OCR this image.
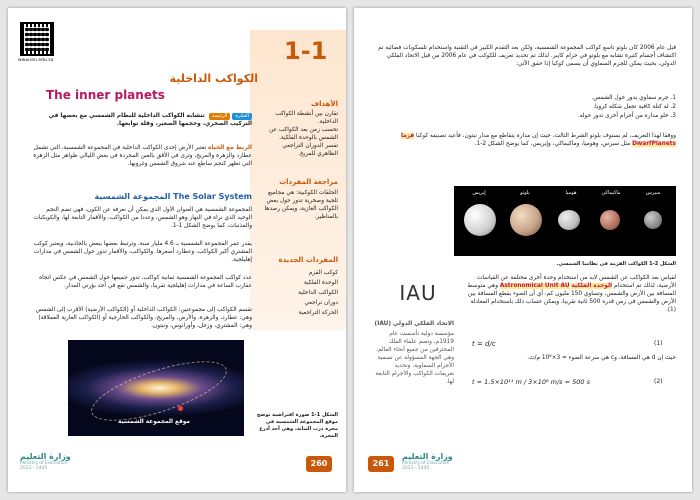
www.ien.edu.sa	1-1
الكواكب الداخلية
The inner planets
الفكرةالرئيسة تتشابه الكواكب الداخلية للنظام الشمسي مع بعضها في التركيب الصخري، وحجمها الصغير، وقلة توابعها.
الربط مع الحياة تعتبر الأرض إحدى الكواكب الداخلية في المجموعة الشمسية، التي تشمل عطارد والزهرة والمريخ، وترى في الأفق بالعين المجردة في بعض الليالي ظواهر مثل الزهرة التي تظهر كنجم ساطع عند شروق الشمس وغروبها.
The Solar System المجموعة الشمسية
المجموعة الشمسية هي العنوان الأول الذي يمكن أن نعرفه عن الكون، فهي تضم النجم الوحيد الذي نراه في النهار وهو الشمس، وعددا من الكواكب، والأقمار التابعة لها، والكويكبات والمذنبات، كما يوضح الشكل 1-1.
يقدر عمر المجموعة الشمسية بـ 4.6 مليار سنة، وترتبط بعضها ببعض بالجاذبية، ويعتبر كوكب المشتري أكبر الكواكب، وعطارد أصغرها. والكواكب، والأقمار تدور حول الشمس في مدارات إهليلجية.
عدد كواكب المجموعة الشمسية ثمانية كواكب، تدور جميعها حول الشمس في عكس اتجاه عقارب الساعة في مدارات إهليلجية تقريبا، والشمس تقع في أحد بؤرتي المدار.
تقسم الكواكب إلى مجموعتين: الكواكب الداخلية أو (الكواكب الأرضية) الأقرب إلى الشمس وهي: عطارد، والزهرة، والأرض، والمريخ، والكواكب الخارجية أو (الكواكب الغازية العملاقة) وهي: المشتري، وزحل، وأورانوس، ونبتون.
موقع المجموعة الشمسية
الشكل 1-1 صورة افتراضية توضح موقع المجموعة الشمسية في مجرة درب التبانة، وهي أحد أذرع المجرة.
الأهداف
تقارن بين أنشطة الكواكب الداخلية.
تحسب زمن بعد الكواكب عن الشمس بالوحدة الفلكية.
تفسر الدوران التراجعي الظاهري للمريخ.
مراجعة المفردات
الحلقات الكوكبية: هي مجاميع ثلجية وصخرية تدور حول بعض الكواكب الغازية، ويمكن رصدها بالمناظير.
المفردات الجديدة
كوكب القزم
الوحدة الفلكية
الكواكب الداخلية
دوران تراجعي
الحركة التراجعية
وزارة التعليم
Ministry of Education
2023 - 1445
260
قبل عام 2006 كان بلوتو تاسع كواكب المجموعة الشمسية، ولكن بعد التقدم الكبير في التقنية واستخدام تلسكوبات فضائية تم اكتشاف أجسام كثيرة تشابه مع بلوتو في حزام كايبر. لذلك تم تحديد تعريف للكوكب في عام 2006 من قبل الاتحاد الفلكي الدولي، بحيث يمكن للجرم السماوي أن يسمى كوكبا إذا حقق الآتي:
1. جرم سماوي يدور حول الشمس.
2. له كتلة كافية تجعل شكله كرويا.
3. خلو مداره من أجرام أخرى تدور حوله.
ووفقا لهذا التعريف، لم يستوف بلوتو الشرط الثالث، حيث إن مداره يتقاطع مع مدار نبتون، فأعيد تصنيفه كوكبا قزما DwarfPlanets مثل سيرس، وهوميا، وماكيماكي، وإيريس، كما يوضح الشكل 2-1.
إيريس	بلوتو	هوميا	ماكيماكي	سيرس
الشكل 2-1 الكواكب القزمة في نظامنا الشمسي.
IAU
الاتحاد الفلكي الدولي (IAU)
مؤسسة دولية تأسست عام 1919م، وتضم علماء الفلك المحترفين من جميع أنحاء العالم، وهي الجهة المسؤولة عن تسمية الأجرام السماوية، وتحديد تعريفات الكواكب والأجرام التابعة لها.
لقياس بعد الكواكب عن الشمس لابد من استخدام وحدة أخرى مختلفة عن القياسات الأرضية، لذلك تم استخدام الوحدة الفلكية Astronomical Unit AU وهي متوسط المسافة بين الأرض والشمس، وتساوي 150 مليون كم، أي أن الضوء يقطع المسافة بين الأرض والشمس في زمن قدره 500 ثانية تقريبا، ويمكن حساب ذلك باستخدام المعادلة (1).
t = d/c	(1)
حيث إن d هي المسافة، وc هي سرعة الضوء = 3×10⁸ م/ث.
t = 1.5×10¹¹ m / 3×10⁸ m/s = 500 s	(2)
261
وزارة التعليم
Ministry of Education
2023 - 1445
